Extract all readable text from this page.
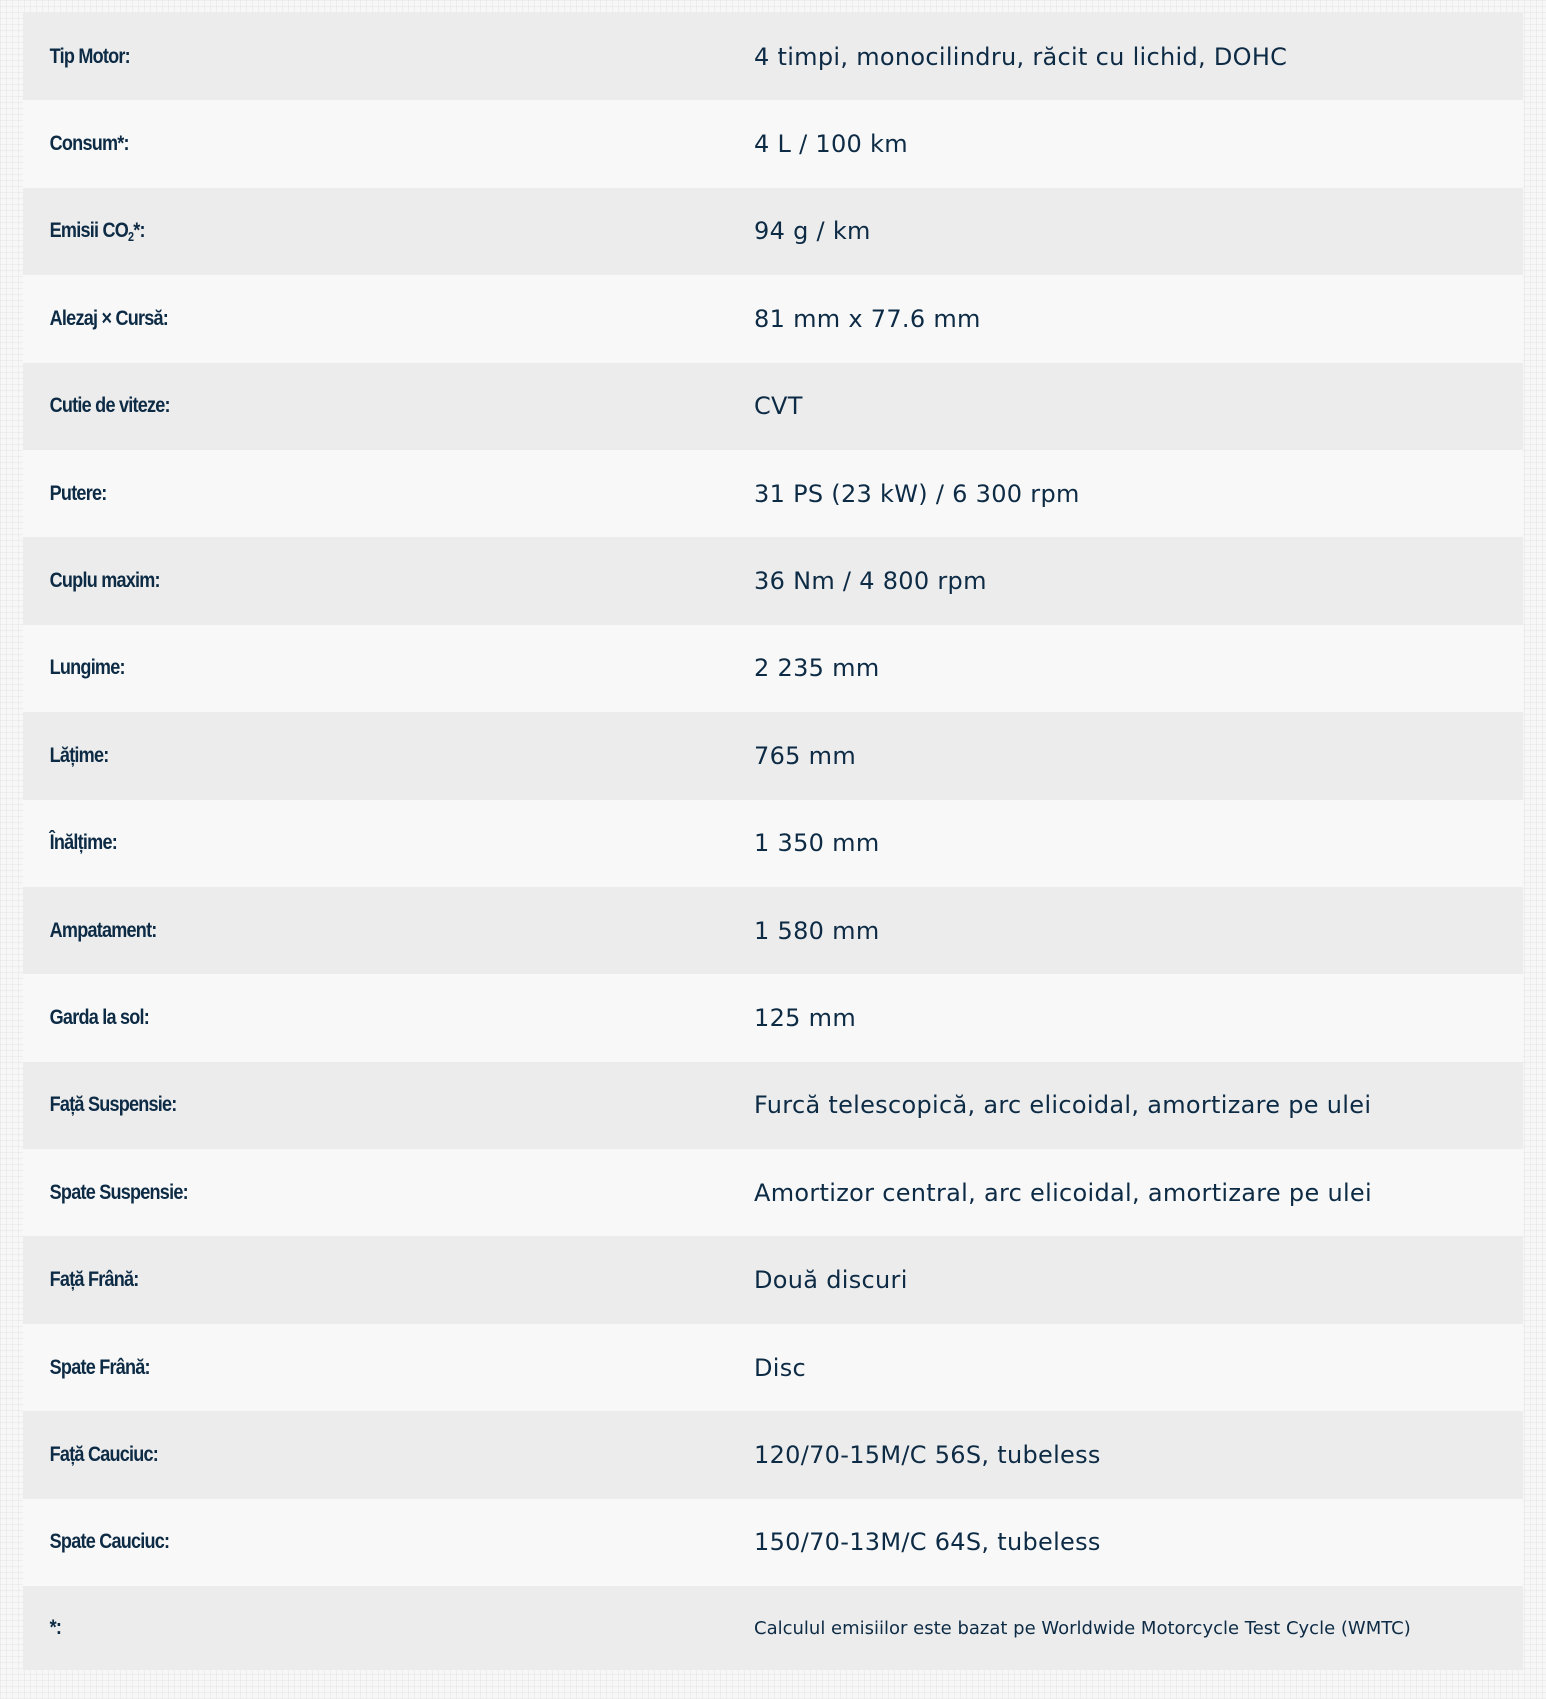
Tip Motor:	4 timpi, monocilindru, răcit cu lichid, DOHC
Consum*:	4 L / 100 km
Emisii $CO_2*$:	94 g / km
Alezaj × Cursă:	81 mm x 77.6 mm
Cutie de viteze:	CVT
Putere:	31 PS (23 kW) / 6 300 rpm
Cuplu maxim:	36 Nm / 4 800 rpm
Lungime:	2 235 mm
Lățime:	765 mm
Înălțime:	1 350 mm
Ampatament:	1 580 mm
Garda la sol:	125 mm
Față Suspensie:	Furcă telescopică, arc elicoidal, amortizare pe ulei
Spate Suspensie:	Amortizor central, arc elicoidal, amortizare pe ulei
Față Frână:	Două discuri
Spate Frână:	Disc
Față Cauciuc:	120/70-15M/C 56S, tubeless
Spate Cauciuc:	150/70-13M/C 64S, tubeless
*:	Calculul emisiilor este bazat pe Worldwide Motorcycle Test Cycle (WMTC)
